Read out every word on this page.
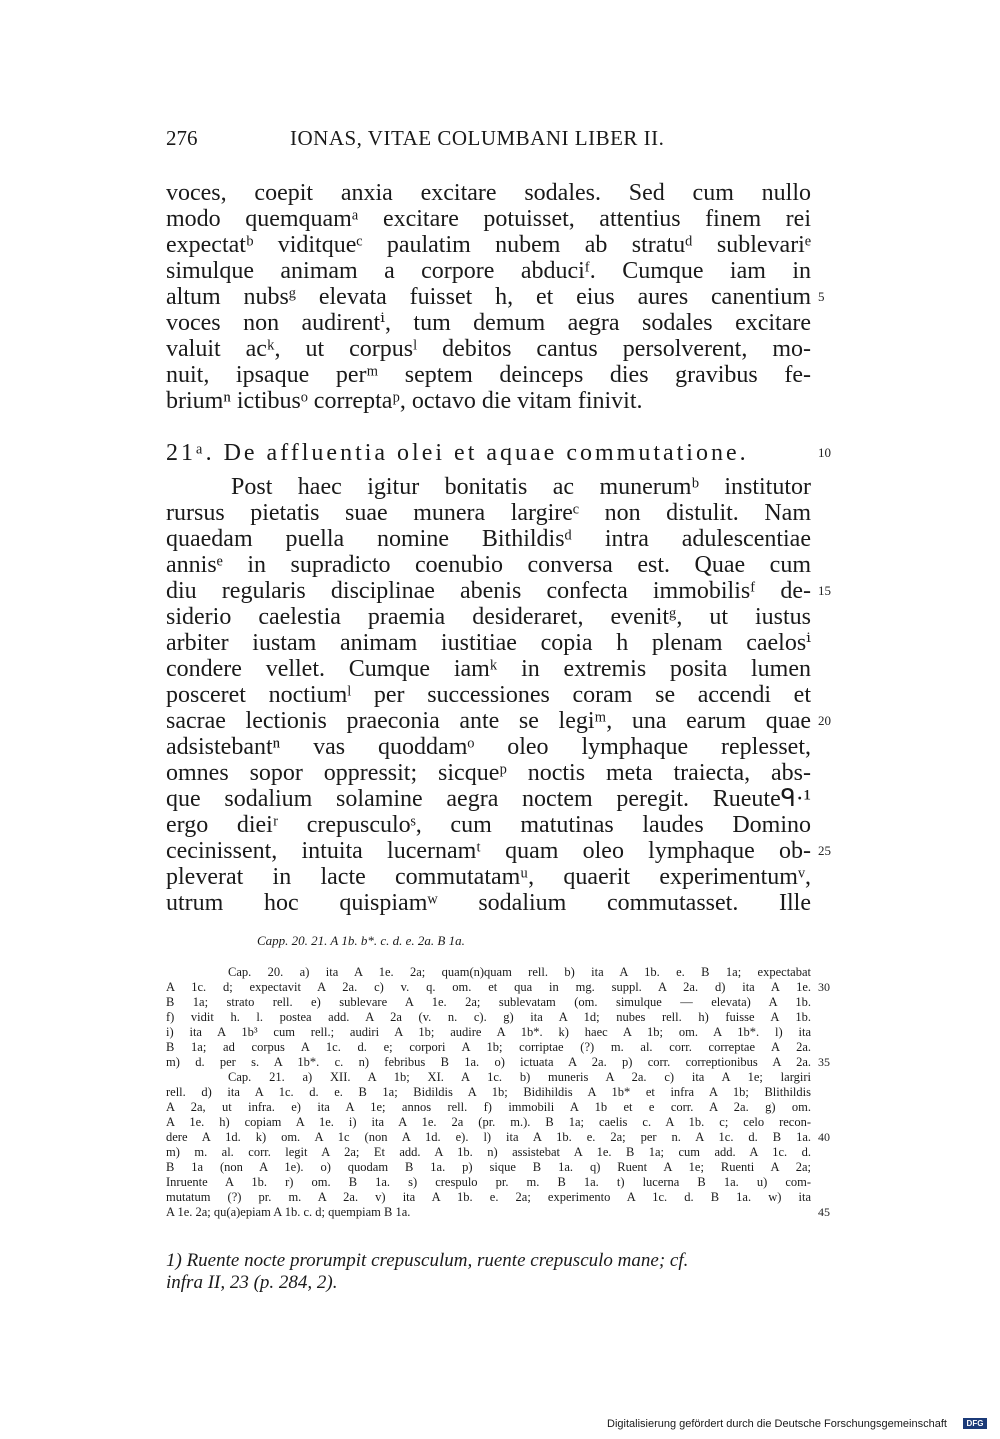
276	IONAS, VITAE COLUMBANI LIBER II.
voces, coepit anxia excitare sodales. Sed cum nullo
modo quemquamᵃ excitare potuisset, attentius finem rei
expectatᵇ viditqueᶜ paulatim nubem ab stratuᵈ sublevariᵉ
simulque animam a corpore abduciᶠ. Cumque iam in
altum nubsᵍ elevata fuisset h, et eius aures canentium
voces non audirentⁱ, tum demum aegra sodales excitare
valuit acᵏ, ut corpusˡ debitos cantus persolverent, mo-
nuit, ipsaque perᵐ septem deinceps dies gravibus fe-
briumⁿ ictibusᵒ correptaᵖ, octavo die vitam finivit.
21ᵃ. De affluentia olei et aquae commutatione.
Post haec igitur bonitatis ac munerumᵇ institutor
rursus pietatis suae munera largireᶜ non distulit. Nam
quaedam puella nomine Bithildisᵈ intra adulescentiae
annisᵉ in supradicto coenubio conversa est. Quae cum
diu regularis disciplinae abenis confecta immobilisᶠ de-
siderio caelestia praemia desideraret, evenitᵍ, ut iustus
arbiter iustam animam iustitiae copia h plenam caelosⁱ
condere vellet. Cumque iamᵏ in extremis posita lumen
posceret noctiumˡ per successiones coram se accendi et
sacrae lectionis praeconia ante se legiᵐ, una earum quae
adsistebantⁿ vas quoddamᵒ oleo lymphaque replesset,
omnes sopor oppressit; sicqueᵖ noctis meta traiecta, abs-
que sodalium solamine aegra noctem peregit. Rueuteᑫ·¹
ergo dieiʳ crepusculoˢ, cum matutinas laudes Domino
cecinissent, intuita lucernamᵗ quam oleo lymphaque ob-
pleverat in lacte commutatamᵘ, quaerit experimentumᵛ,
utrum hoc quispiamʷ sodalium commutasset. Ille
5
10
15
20
25
Capp. 20. 21. A 1b. b*. c. d. e. 2a. B 1a.
Cap. 20. a) ita A 1e. 2a; quam(n)quam rell. b) ita A 1b. e. B 1a; expectabat
A 1c. d; expectavit A 2a. c) v. q. om. et qua in mg. suppl. A 2a. d) ita A 1e.
B 1a; strato rell. e) sublevare A 1e. 2a; sublevatam (om. simulque — elevata) A 1b.
f) vidit h. l. postea add. A 2a (v. n. c). g) ita A 1d; nubes rell. h) fuisse A 1b.
i) ita A 1b³ cum rell.; audiri A 1b; audire A 1b*. k) haec A 1b; om. A 1b*. l) ita
B 1a; ad corpus A 1c. d. e; corpori A 1b; corriptae (?) m. al. corr. correptae A 2a.
m) d. per s. A 1b*. c. n) febribus B 1a. o) ictuata A 2a. p) corr. correptionibus A 2a.
Cap. 21. a) XII. A 1b; XI. A 1c. b) muneris A 2a. c) ita A 1e; largiri
rell. d) ita A 1c. d. e. B 1a; Bidildis A 1b; Bidihildis A 1b* et infra A 1b; Blithildis
A 2a, ut infra. e) ita A 1e; annos rell. f) immobili A 1b et e corr. A 2a. g) om.
A 1e. h) copiam A 1e. i) ita A 1e. 2a (pr. m.). B 1a; caelis c. A 1b. c; celo recon-
dere A 1d. k) om. A 1c (non A 1d. e). l) ita A 1b. e. 2a; per n. A 1c. d. B 1a.
m) m. al. corr. legit A 2a; Et add. A 1b. n) assistebat A 1e. B 1a; cum add. A 1c. d.
B 1a (non A 1e). o) quodam B 1a. p) sique B 1a. q) Ruent A 1e; Ruenti A 2a;
Inruente A 1b. r) om. B 1a. s) crespulo pr. m. B 1a. t) lucerna B 1a. u) com-
mutatum (?) pr. m. A 2a. v) ita A 1b. e. 2a; experimento A 1c. d. B 1a. w) ita
A 1e. 2a; qu(a)epiam A 1b. c. d; quempiam B 1a.
30
35
40
45
1) Ruente nocte prorumpit crepusculum, ruente crepusculo mane; cf.
infra II, 23 (p. 284, 2).
Digitalisierung gefördert durch die Deutsche Forschungsgemeinschaft	DFG
